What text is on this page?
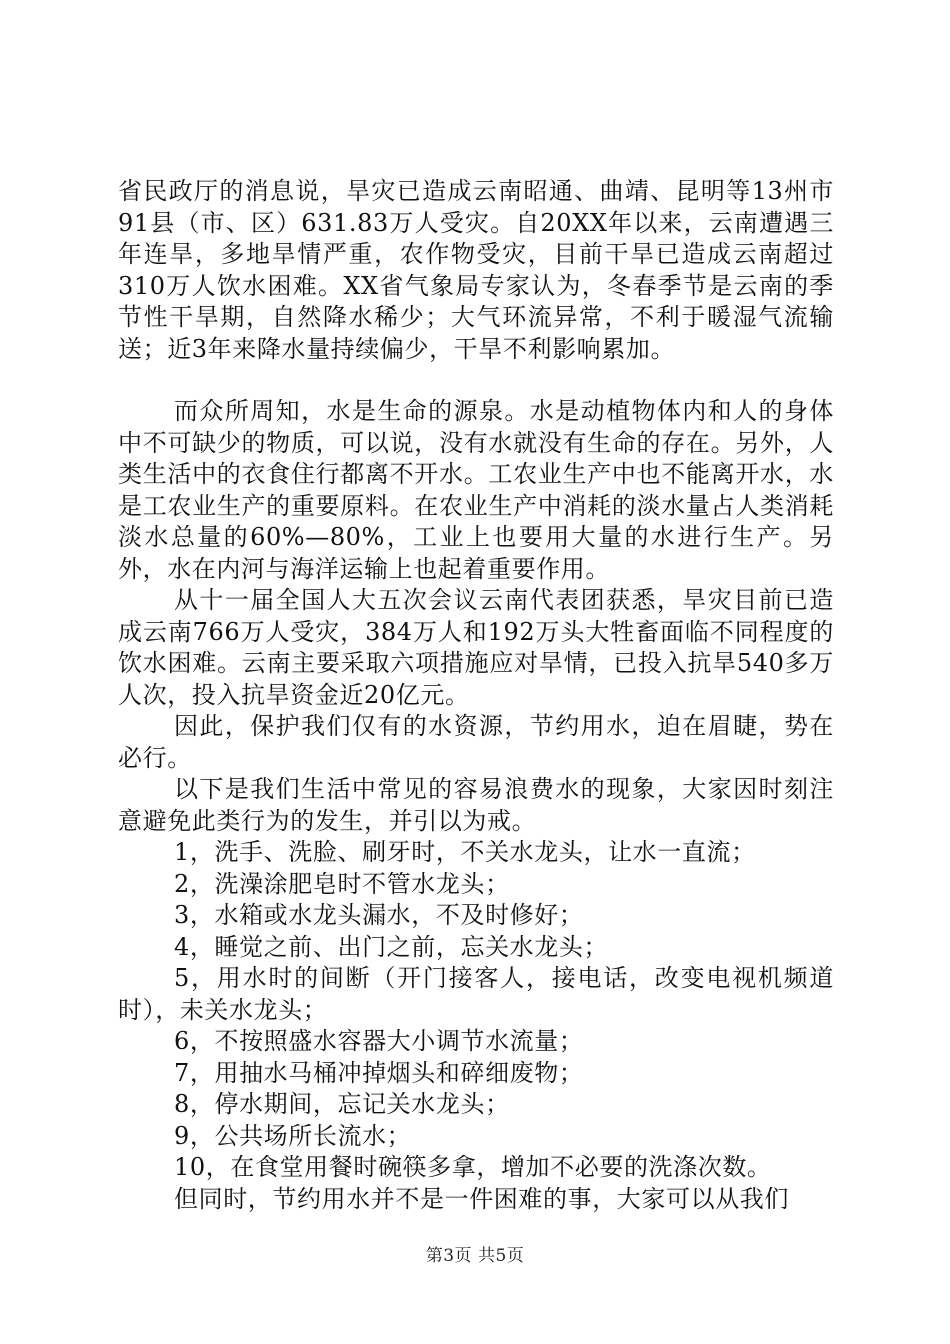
省民政厅的消息说，旱灾已造成云南昭通、曲靖、昆明等13州市91县（市、区）631.83万人受灾。自20XX年以来，云南遭遇三年连旱，多地旱情严重，农作物受灾，目前干旱已造成云南超过310万人饮水困难。XX省气象局专家认为，冬春季节是云南的季节性干旱期，自然降水稀少；大气环流异常，不利于暖湿气流输送；近3年来降水量持续偏少，干旱不利影响累加。

而众所周知，水是生命的源泉。水是动植物体内和人的身体中不可缺少的物质，可以说，没有水就没有生命的存在。另外，人类生活中的衣食住行都离不开水。工农业生产中也不能离开水，水是工农业生产的重要原料。在农业生产中消耗的淡水量占人类消耗淡水总量的60%—80%，工业上也要用大量的水进行生产。另外，水在内河与海洋运输上也起着重要作用。

从十一届全国人大五次会议云南代表团获悉，旱灾目前已造成云南766万人受灾，384万人和192万头大牲畜面临不同程度的饮水困难。云南主要采取六项措施应对旱情，已投入抗旱540多万人次，投入抗旱资金近20亿元。

因此，保护我们仅有的水资源，节约用水，迫在眉睫，势在必行。

以下是我们生活中常见的容易浪费水的现象，大家因时刻注意避免此类行为的发生，并引以为戒。

1，洗手、洗脸、刷牙时，不关水龙头，让水一直流；

2，洗澡涂肥皂时不管水龙头；

3，水箱或水龙头漏水，不及时修好；

4，睡觉之前、出门之前，忘关水龙头；

5，用水时的间断（开门接客人，接电话，改变电视机频道时），未关水龙头；

6，不按照盛水容器大小调节水流量；

7，用抽水马桶冲掉烟头和碎细废物；

8，停水期间，忘记关水龙头；

9，公共场所长流水；

10，在食堂用餐时碗筷多拿，增加不必要的洗涤次数。

但同时，节约用水并不是一件困难的事，大家可以从我们

第3页 共5页
